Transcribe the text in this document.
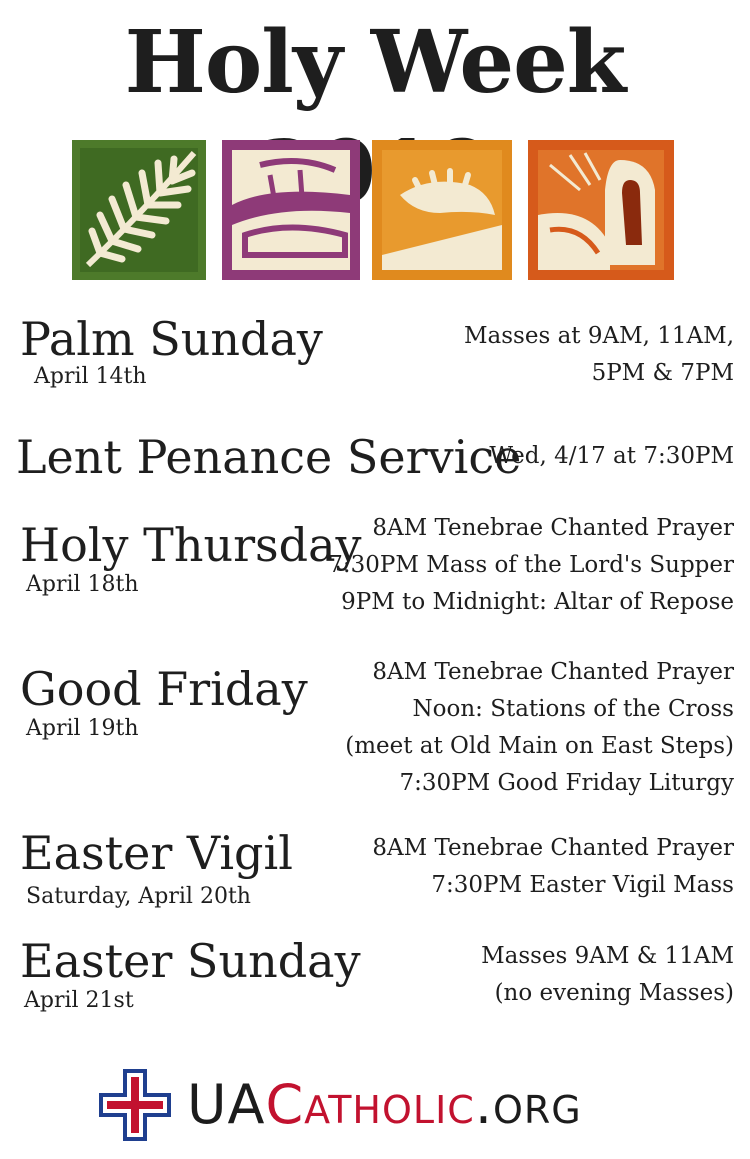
Holy Week
Palm Sunday
April 14th
Masses at 9AM, 11AM,
5PM & 7PM
Lent Penance Service
Wed, 4/17 at 7:30PM
Holy Thursday
April 18th
8AM Tenebrae Chanted Prayer
7:30PM Mass of the Lord's Supper
9PM to Midnight: Altar of Repose
Good Friday
April 19th
8AM Tenebrae Chanted Prayer
Noon: Stations of the Cross
(meet at Old Main on East Steps)
7:30PM Good Friday Liturgy
Easter Vigil
Saturday, April 20th
8AM Tenebrae Chanted Prayer
7:30PM Easter Vigil Mass
Easter Sunday
April 21st
Masses 9AM & 11AM
(no evening Masses)
UACatholic.org
